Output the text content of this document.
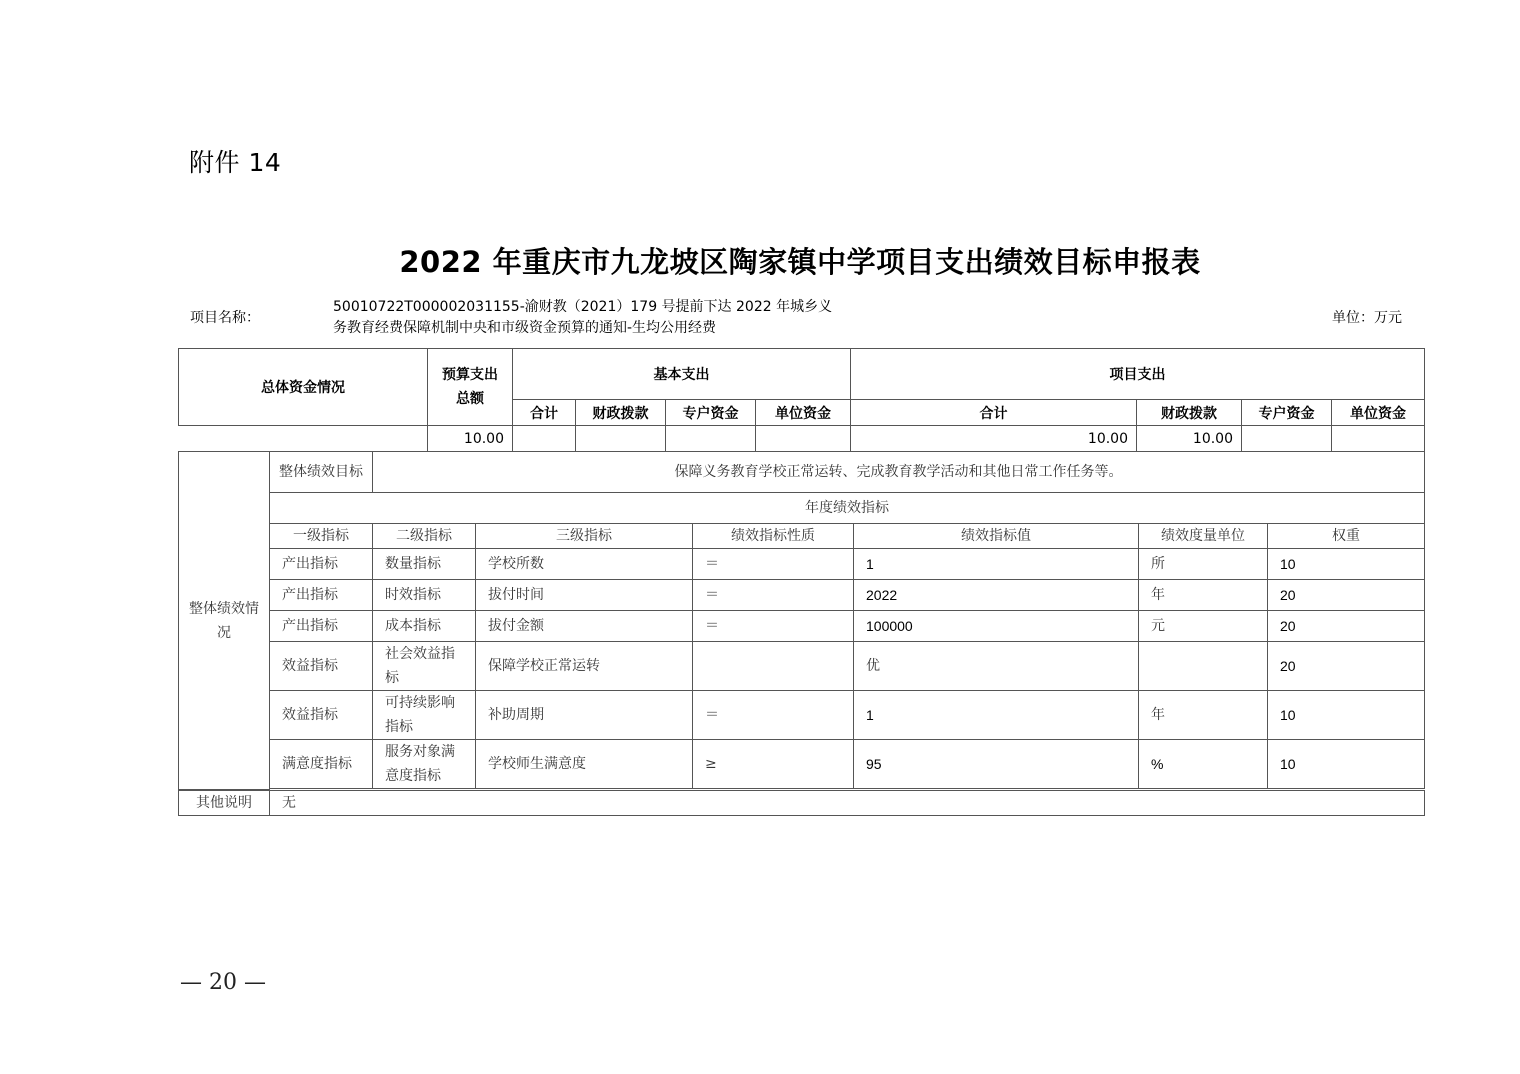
附件 14
2022 年重庆市九龙坡区陶家镇中学项目支出绩效目标申报表
项目名称：
50010722T000002031155-渝财教（2021）179 号提前下达 2022 年城乡义
务教育经费保障机制中央和市级资金预算的通知-生均公用经费
单位：万元
总体资金情况	预算支出总额	基本支出				项目支出			
		合计	财政拨款	专户资金	单位资金	合计	财政拨款	专户资金	单位资金
	10.00					10.00	10.00		
整体绩效情况	整体绩效目标	保障义务教育学校正常运转、完成教育教学活动和其他日常工作任务等。					
	年度绩效指标						
	一级指标	二级指标	三级指标	绩效指标性质	绩效指标值	绩效度量单位	权重
	产出指标	数量指标	学校所数	＝	1	所	10
	产出指标	时效指标	拔付时间	＝	2022	年	20
	产出指标	成本指标	拔付金额	＝	100000	元	20
	效益指标	社会效益指标	保障学校正常运转		优		20
	效益指标	可持续影响指标	补助周期	＝	1	年	10
	满意度指标	服务对象满意度指标	学校师生满意度	≥	95	%	10

其他说明	无						
— 20 —
